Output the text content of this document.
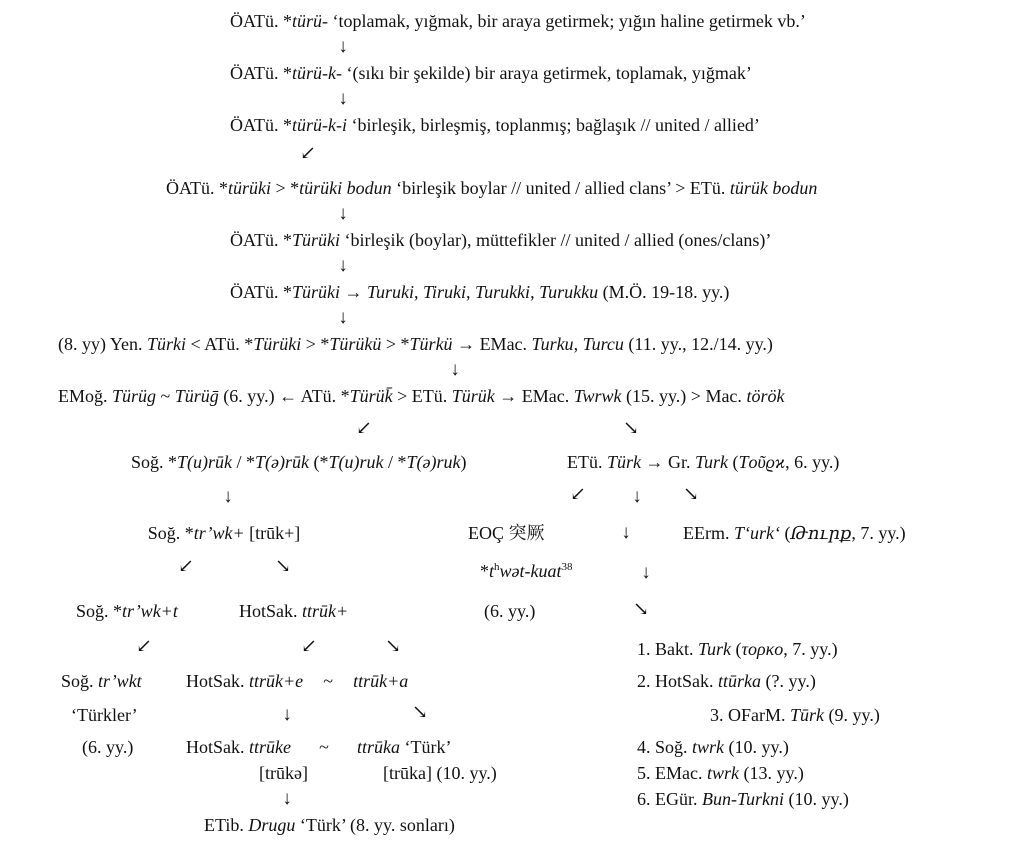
ÖATü. *türü- ‘toplamak, yığmak, bir araya getirmek; yığın haline getirmek vb.’

↓

ÖATü. *türü-k- ‘(sıkı bir şekilde) bir araya getirmek, toplamak, yığmak’

↓

ÖATü. *türü-k-i ‘birleşik, birleşmiş, toplanmış; bağlaşık // united / allied’

↙

ÖATü. *türüki > *türüki bodun ‘birleşik boylar // united / allied clans’ > ETü. türük bodun

↓

ÖATü. *Türüki ‘birleşik (boylar), müttefikler // united / allied (ones/clans)’

↓

ÖATü. *Türüki → Turuki, Tiruki, Turukki, Turukku (M.Ö. 19-18. yy.)

↓

(8. yy) Yen. Türki < ATü. *Türüki > *Türükü > *Türkü → EMac. Turku, Turcu (11. yy., 12./14. yy.)

↓

EMoğ. Türüg ~ Türüḡ (6. yy.) ← ATü. *Türük̄ > ETü. Türük → EMac. Twrwk (15. yy.) > Mac. török

↙	↘

Soğ. *T(u)rūk / *T(ə)rūk (*T(u)ruk / *T(ə)ruk)	ETü. Türk → Gr. Turk (Τoῦϱϰ, 6. yy.)

↓	↙ ↓ ↘

Soğ. *tr’wk+ [trūk+]	EOÇ 突厥	↓	EErm. T‘urk‘ (Թուրք, 7. yy.)

↙	↘	$*t^hwət-kuat^{38}$	↓

Soğ. *tr’wk+t	HotSak. ttrūk+	(6. yy.)	↘
↙	↙	↘	1. Bakt. Turk (τορκο, 7. yy.)

Soğ. tr’wkt HotSak. ttrūk+e ~ ttrūk+a	2. HotSak. ttūrka (?. yy.)

‘Türkler’	↓	↘	3. OFarM. Tūrk (9. yy.)

(6. yy.)	HotSak. ttrūke ~ ttrūka ‘Türk’	4. Soğ. twrk (10. yy.)

[trūkə]	[trūka] (10. yy.)	5. EMac. twrk (13. yy.)

↓	6. EGür. Bun-Turkni (10. yy.)

ETib. Drugu ‘Türk’ (8. yy. sonları)
